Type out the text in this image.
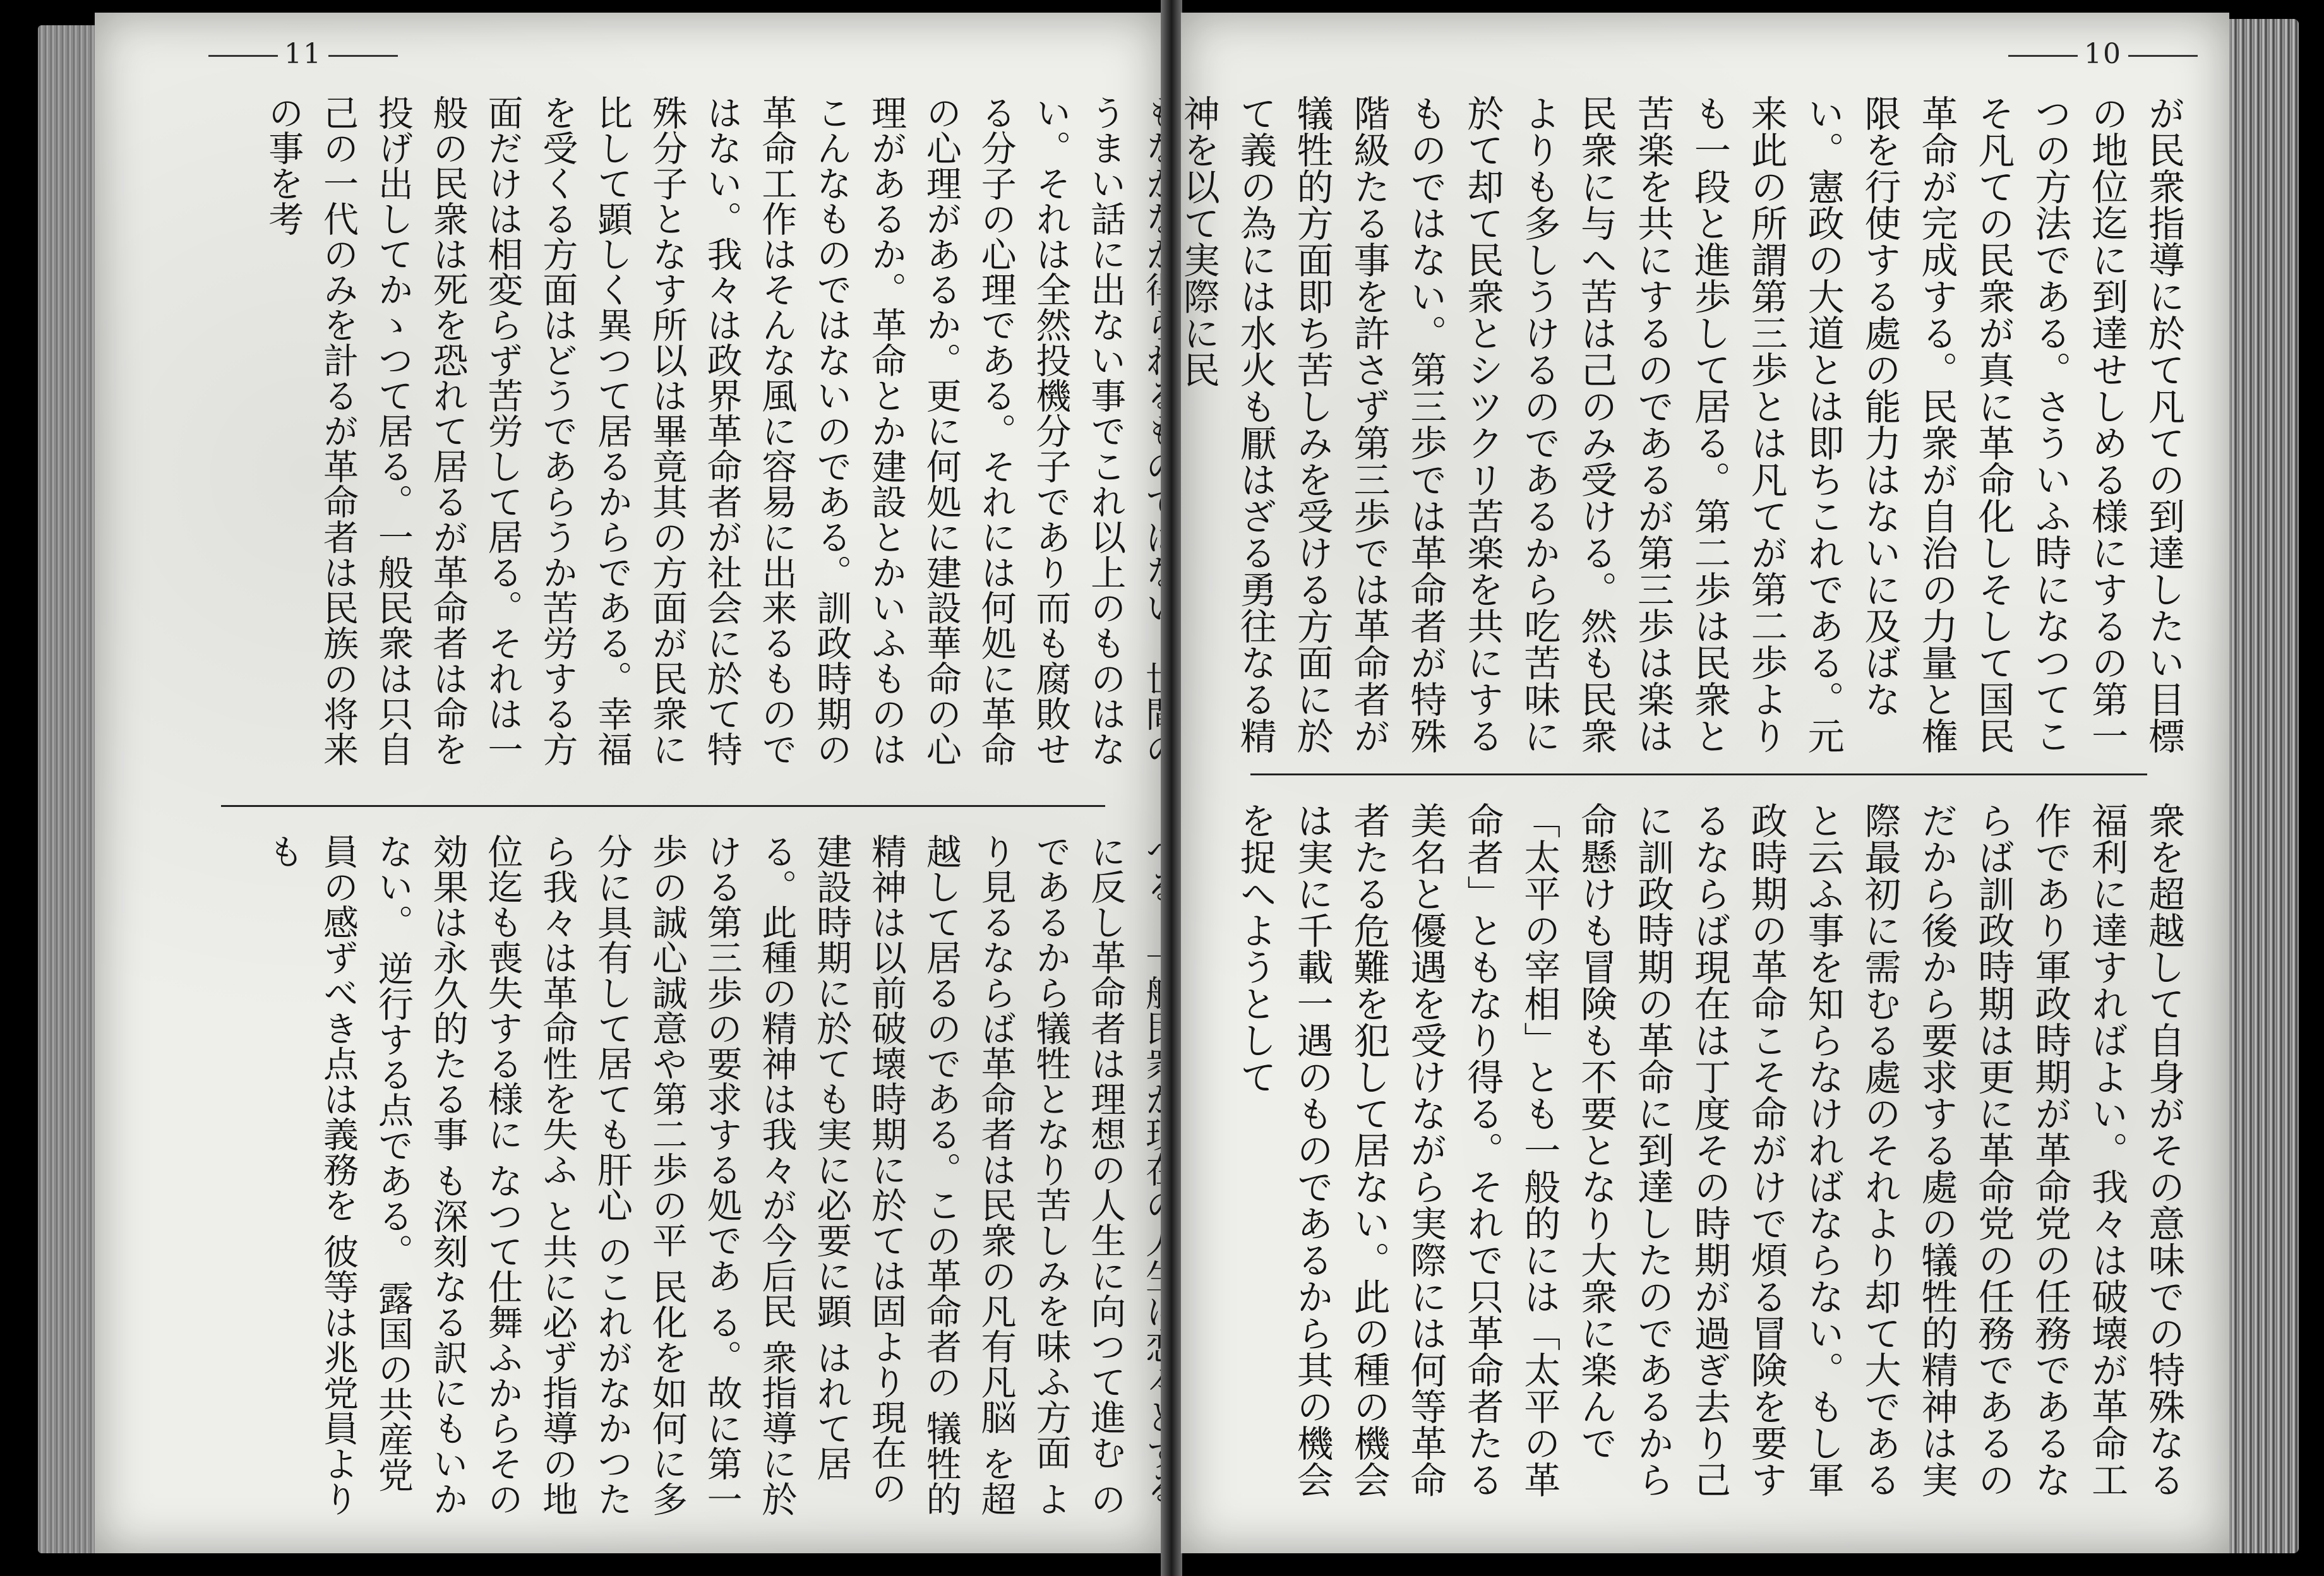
11
うまい話に出ない事でこれ以上のものはない。それは全然投機分子であり而も腐敗せる分子の心理である。それには何処に革命の心理があるか。更に何処に建設華命の心理があるか。革命とか建設とかいふものはこんなものではないのである。訓政時期の革命工作はそんな風に容易に出来るものではない。我々は政界革命者が社会に於て特殊分子となす所以は畢竟其の方面が民衆に比して顕しく異つて居るからである。幸福を受くる方面はどうであらうか苦労する方面だけは相変らず苦労して居る。それは一般の民衆は死を恐れて居るが革命者は命を投げ出してかゝつて居る。一般民衆は只自己の一代のみを計るが革命者は民族の将来の事を考
に反し革命者は理想の人生に向つて進む のであるから犠牲となり苦しみを味ふ方面 より見るならば革命者は民衆の凡有凡脳 を超越して居るのである。この革命者の 犠牲的精神は以前破壊時期に於ては固より現在の建設時期に於ても実に必要に顕 はれて居る。此種の精神は我々が今后民 衆指導に於ける第三歩の要求する処であ る。故に第一歩の誠心誠意や第二歩の平 民化を如何に多分に具有して居ても肝心 のこれがなかつたら我々は革命性を失ふ と共に必ず指導の地位迄も喪失する様に なつて仕舞ふからその効果は永久的たる事 も深刻なる訳にもいかない。 逆行する点である。 露国の共産党員の感ずべき点は義務を 彼等は兆党員よりも
10
が民衆指導に於て凡ての到達したい目標の地位迄に到達せしめる様にするの第一つの方法である。さういふ時になつてこそ凡ての民衆が真に革命化しそして国民革命が完成する。民衆が自治の力量と権限を行使する處の能力はないに及ばない。憲政の大道とは即ちこれである。元来此の所謂第三歩とは凡てが第二歩よりも一段と進歩して居る。第二歩は民衆と苦楽を共にするのであるが第三歩は楽は民衆に与へ苦は己のみ受ける。然も民衆よりも多しうけるのであるから吃苦味に於て却て民衆とシツクリ苦楽を共にするものではない。第三歩では革命者が特殊階級たる事を許さず第三歩では革命者が犠牲的方面即ち苦しみを受ける方面に於て義の為には水火も厭はざる勇往なる精神を以て実際に民
衆を超越して自身がその意味での特殊なる福利に達すればよい。我々は破壊が革命工作であり軍政時期が革命党の任務であるならば訓政時期は更に革命党の任務であるのだから後から要求する處の犠牲的精神は実際最初に需むる處のそれより却て大であると云ふ事を知らなければならない。もし軍政時期の革命こそ命がけで煩る冒険を要するならば現在は丁度その時期が過ぎ去り己に訓政時期の革命に到達したのであるから命懸けも冒険も不要となり大衆に楽んで「太平の宰相」とも一般的には「太平の革命者」ともなり得る。それで只革命者たる美名と優遇を受けながら実際には何等革命者たる危難を犯して居ない。此の種の機会は実に千載一遇のものであるから其の機会を捉へようとして
